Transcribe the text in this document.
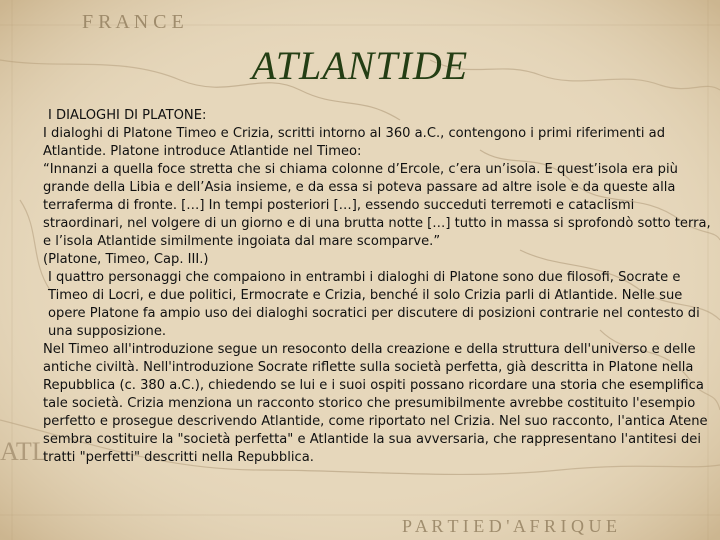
F R A N C E
P A R T I E D ' A F R I Q U E
ATL
ATLANTIDE

I DIALOGHI DI PLATONE:

I dialoghi di Platone Timeo e Crizia, scritti intorno al 360 a.C., contengono i primi riferimenti ad Atlantide. Platone introduce Atlantide nel Timeo:

“Innanzi a quella foce stretta che si chiama colonne d’Ercole, c’era un’isola. E quest’isola era più grande della Libia e dell’Asia insieme, e da essa si poteva passare ad altre isole e da queste alla terraferma di fronte. […] In tempi posteriori […], essendo succeduti terremoti e cataclismi straordinari, nel volgere di un giorno e di una brutta notte […] tutto in massa si sprofondò sotto terra, e l’isola Atlantide similmente ingoiata dal mare scomparve.”

(Platone, Timeo, Cap. III.)

I quattro personaggi che compaiono in entrambi i dialoghi di Platone sono due filosofi, Socrate e Timeo di Locri, e due politici, Ermocrate e Crizia, benché il solo Crizia parli di Atlantide. Nelle sue opere Platone fa ampio uso dei dialoghi socratici per discutere di posizioni contrarie nel contesto di una supposizione.

Nel Timeo all'introduzione segue un resoconto della creazione e della struttura dell'universo e delle antiche civiltà. Nell'introduzione Socrate riflette sulla società perfetta, già descritta in Platone nella Repubblica (c. 380 a.C.), chiedendo se lui e i suoi ospiti possano ricordare una storia che esemplifica tale società. Crizia menziona un racconto storico che presumibilmente avrebbe costituito l'esempio perfetto e prosegue descrivendo Atlantide, come riportato nel Crizia. Nel suo racconto, l'antica Atene sembra costituire la "società perfetta" e Atlantide la sua avversaria, che rappresentano l'antitesi dei tratti "perfetti" descritti nella Repubblica.
